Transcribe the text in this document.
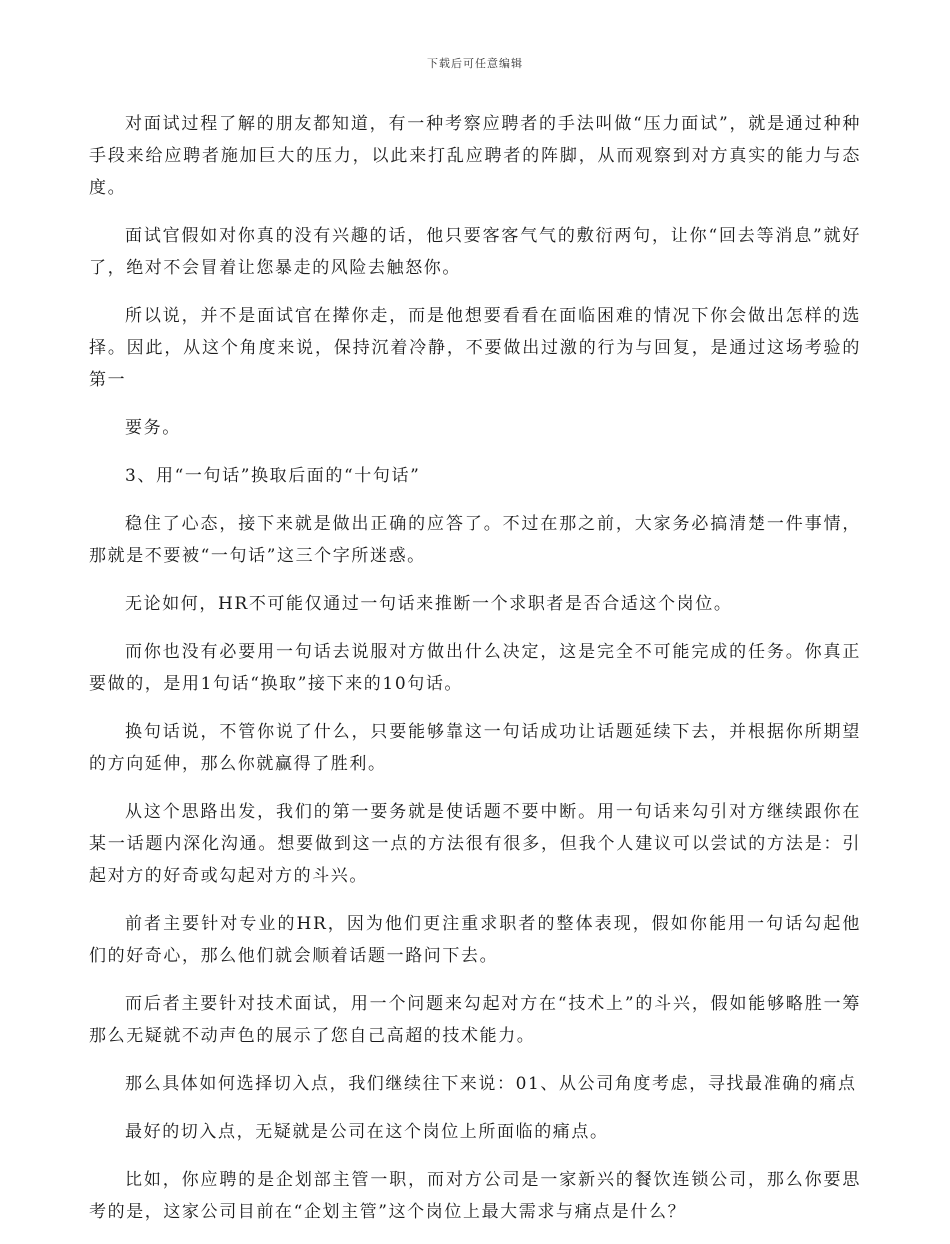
下载后可任意编辑

对面试过程了解的朋友都知道，有一种考察应聘者的手法叫做“压力面试”，就是通过种种手段来给应聘者施加巨大的压力，以此来打乱应聘者的阵脚，从而观察到对方真实的能力与态度。

面试官假如对你真的没有兴趣的话，他只要客客气气的敷衍两句，让你“回去等消息”就好了，绝对不会冒着让您暴走的风险去触怒你。

所以说，并不是面试官在撵你走，而是他想要看看在面临困难的情况下你会做出怎样的选择。因此，从这个角度来说，保持沉着冷静，不要做出过激的行为与回复，是通过这场考验的第一

要务。

3、用“一句话”换取后面的“十句话”

稳住了心态，接下来就是做出正确的应答了。不过在那之前，大家务必搞清楚一件事情，那就是不要被“一句话”这三个字所迷惑。

无论如何，HR不可能仅通过一句话来推断一个求职者是否合适这个岗位。

而你也没有必要用一句话去说服对方做出什么决定，这是完全不可能完成的任务。你真正要做的，是用1句话“换取”接下来的10句话。

换句话说，不管你说了什么，只要能够靠这一句话成功让话题延续下去，并根据你所期望的方向延伸，那么你就赢得了胜利。

从这个思路出发，我们的第一要务就是使话题不要中断。用一句话来勾引对方继续跟你在某一话题内深化沟通。想要做到这一点的方法很有很多，但我个人建议可以尝试的方法是：引起对方的好奇或勾起对方的斗兴。

前者主要针对专业的HR，因为他们更注重求职者的整体表现，假如你能用一句话勾起他们的好奇心，那么他们就会顺着话题一路问下去。

而后者主要针对技术面试，用一个问题来勾起对方在“技术上”的斗兴，假如能够略胜一筹那么无疑就不动声色的展示了您自己高超的技术能力。

那么具体如何选择切入点，我们继续往下来说：01、从公司角度考虑，寻找最准确的痛点

最好的切入点，无疑就是公司在这个岗位上所面临的痛点。

比如，你应聘的是企划部主管一职，而对方公司是一家新兴的餐饮连锁公司，那么你要思考的是，这家公司目前在“企划主管”这个岗位上最大需求与痛点是什么？
